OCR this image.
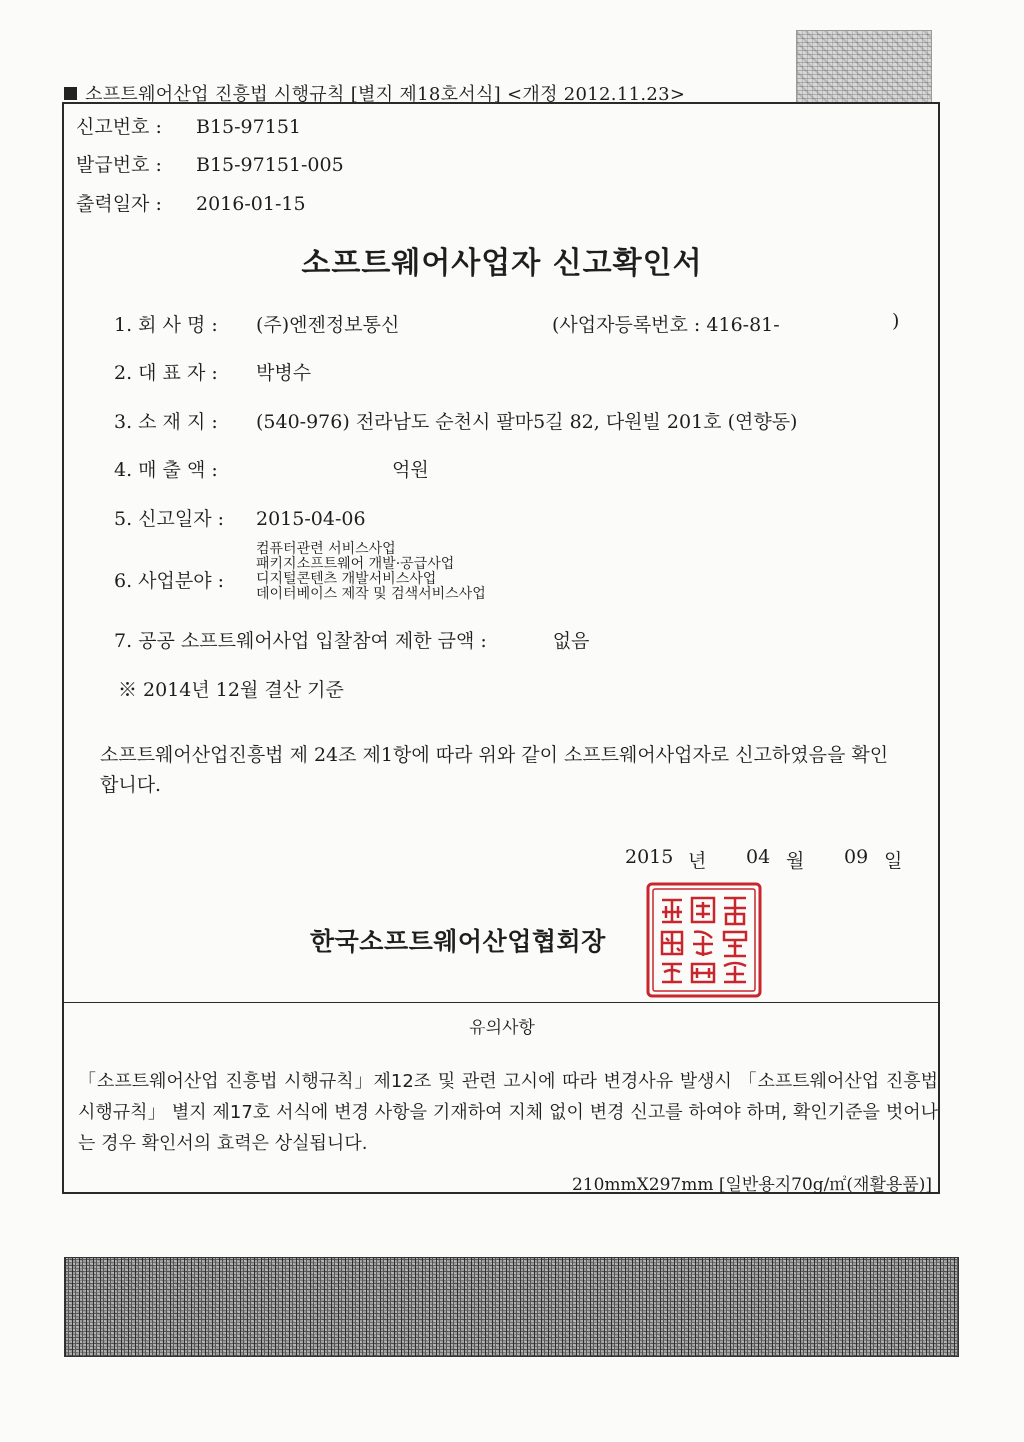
소프트웨어산업 진흥법 시행규칙 [별지 제18호서식] <개정 2012.11.23>
신고번호 : B15-97151
발급번호 : B15-97151-005
출력일자 : 2016-01-15
소프트웨어사업자 신고확인서
1. 회 사 명 : (주)엔젠정보통신	(사업자등록번호 : 416-81-	)
2. 대 표 자 : 박병수
3. 소 재 지 : (540-976) 전라남도 순천시 팔마5길 82, 다원빌 201호 (연향동)
4. 매 출 액 :	억원
5. 신고일자 : 2015-04-06
6. 사업분야 :
컴퓨터관련 서비스사업
패키지소프트웨어 개발·공급사업
디지털콘텐츠 개발서비스사업
데이터베이스 제작 및 검색서비스사업
7. 공공 소프트웨어사업 입찰참여 제한 금액 :	없음
※ 2014년 12월 결산 기준
소프트웨어산업진흥법 제 24조 제1항에 따라 위와 같이 소프트웨어사업자로 신고하였음을 확인합니다.
2015 년 04 월 09 일
한국소프트웨어산업협회장
유의사항
「소프트웨어산업 진흥법 시행규칙」제12조 및 관련 고시에 따라 변경사유 발생시 「소프트웨어산업 진흥법 시행규칙」 별지 제17호 서식에 변경 사항을 기재하여 지체 없이 변경 신고를 하여야 하며, 확인기준을 벗어나는 경우 확인서의 효력은 상실됩니다.
210mmX297mm [일반용지70g/㎡(재활용품)]
